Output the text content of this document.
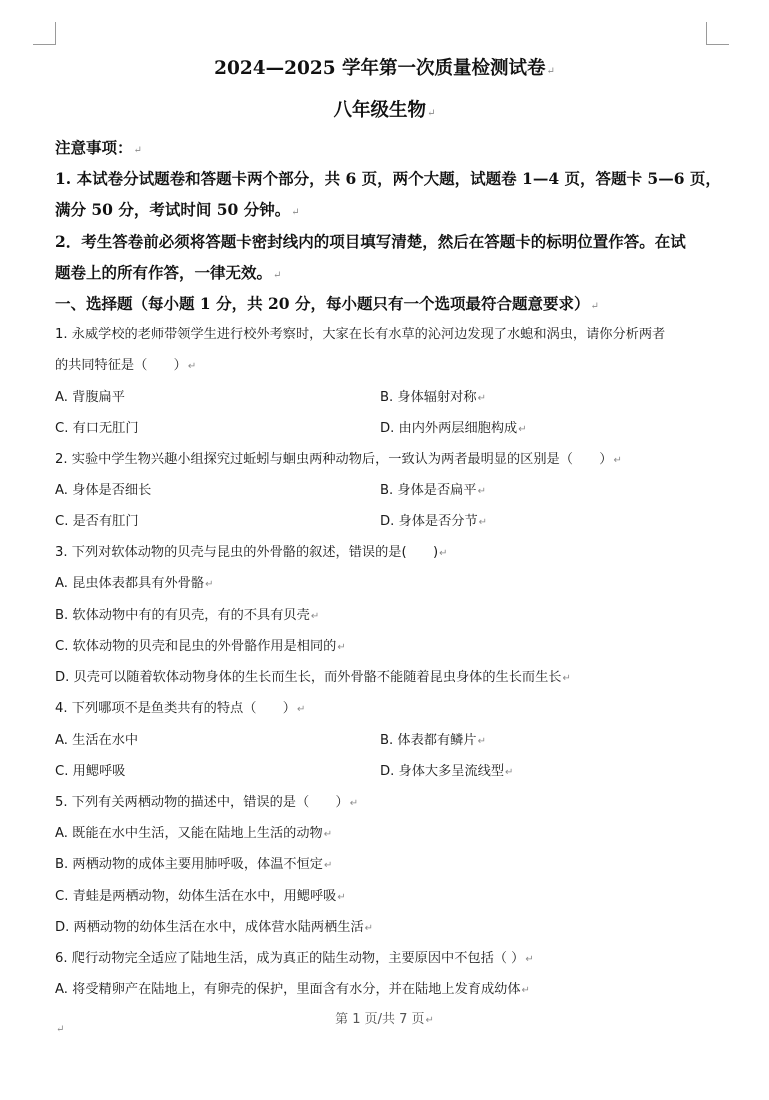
2024—2025 学年第一次质量检测试卷↵
八年级生物↵
注意事项：↵
1. 本试卷分试题卷和答题卡两个部分，共 6 页，两个大题，试题卷 1—4 页，答题卡 5—6 页，
满分 50 分，考试时间 50 分钟。↵
2．考生答卷前必须将答题卡密封线内的项目填写清楚，然后在答题卡的标明位置作答。在试
题卷上的所有作答，一律无效。↵
一、选择题（每小题 1 分，共 20 分，每小题只有一个选项最符合题意要求）↵
1. 永威学校的老师带领学生进行校外考察时，大家在长有水草的沁河边发现了水螅和涡虫，请你分析两者
的共同特征是（　　）↵
A. 背腹扁平	B. 身体辐射对称↵
C. 有口无肛门	D. 由内外两层细胞构成↵
2. 实验中学生物兴趣小组探究过蚯蚓与蛔虫两种动物后，一致认为两者最明显的区别是（　　）↵
A. 身体是否细长	B. 身体是否扁平↵
C. 是否有肛门	D. 身体是否分节↵
3. 下列对软体动物的贝壳与昆虫的外骨骼的叙述，错误的是(　　)↵
A. 昆虫体表都具有外骨骼↵
B. 软体动物中有的有贝壳，有的不具有贝壳↵
C. 软体动物的贝壳和昆虫的外骨骼作用是相同的↵
D. 贝壳可以随着软体动物身体的生长而生长，而外骨骼不能随着昆虫身体的生长而生长↵
4. 下列哪项不是鱼类共有的特点（　　）↵
A. 生活在水中	B. 体表都有鳞片↵
C. 用鳃呼吸	D. 身体大多呈流线型↵
5. 下列有关两栖动物的描述中，错误的是（　　）↵
A. 既能在水中生活，又能在陆地上生活的动物↵
B. 两栖动物的成体主要用肺呼吸，体温不恒定↵
C. 青蛙是两栖动物，幼体生活在水中，用鳃呼吸↵
D. 两栖动物的幼体生活在水中，成体营水陆两栖生活↵
6. 爬行动物完全适应了陆地生活，成为真正的陆生动物，主要原因中不包括（ ）↵
A. 将受精卵产在陆地上，有卵壳的保护，里面含有水分，并在陆地上发育成幼体↵
第 1 页/共 7 页↵
↵
